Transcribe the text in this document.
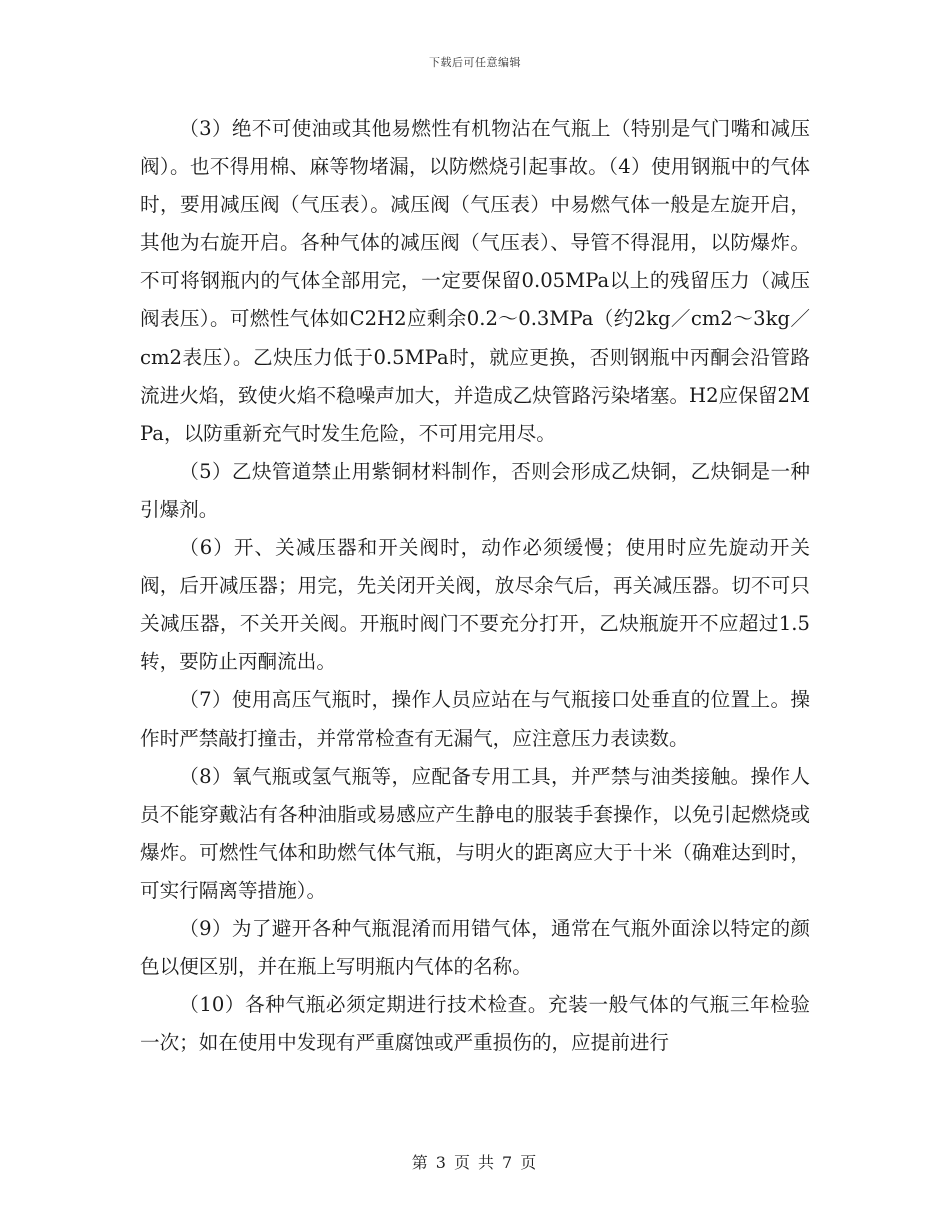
下载后可任意编辑

（3）绝不可使油或其他易燃性有机物沾在气瓶上（特别是气门嘴和减压阀）。也不得用棉、麻等物堵漏，以防燃烧引起事故。（4）使用钢瓶中的气体时，要用减压阀（气压表）。减压阀（气压表）中易燃气体一般是左旋开启，其他为右旋开启。各种气体的减压阀（气压表）、导管不得混用，以防爆炸。不可将钢瓶内的气体全部用完，一定要保留0.05MPa以上的残留压力（减压阀表压）。可燃性气体如C2H2应剩余0.2～0.3MPa（约2kg／cm2～3kg／cm2表压）。乙炔压力低于0.5MPa时，就应更换，否则钢瓶中丙酮会沿管路流进火焰，致使火焰不稳噪声加大，并造成乙炔管路污染堵塞。H2应保留2MPa，以防重新充气时发生危险，不可用完用尽。

（5）乙炔管道禁止用紫铜材料制作，否则会形成乙炔铜，乙炔铜是一种引爆剂。

（6）开、关减压器和开关阀时，动作必须缓慢；使用时应先旋动开关阀，后开减压器；用完，先关闭开关阀，放尽余气后，再关减压器。切不可只关减压器，不关开关阀。开瓶时阀门不要充分打开，乙炔瓶旋开不应超过1.5转，要防止丙酮流出。

（7）使用高压气瓶时，操作人员应站在与气瓶接口处垂直的位置上。操作时严禁敲打撞击，并常常检查有无漏气，应注意压力表读数。

（8）氧气瓶或氢气瓶等，应配备专用工具，并严禁与油类接触。操作人员不能穿戴沾有各种油脂或易感应产生静电的服装手套操作，以免引起燃烧或爆炸。可燃性气体和助燃气体气瓶，与明火的距离应大于十米（确难达到时，可实行隔离等措施）。

（9）为了避开各种气瓶混淆而用错气体，通常在气瓶外面涂以特定的颜色以便区别，并在瓶上写明瓶内气体的名称。

（10）各种气瓶必须定期进行技术检查。充装一般气体的气瓶三年检验一次；如在使用中发现有严重腐蚀或严重损伤的，应提前进行

第 3 页 共 7 页
